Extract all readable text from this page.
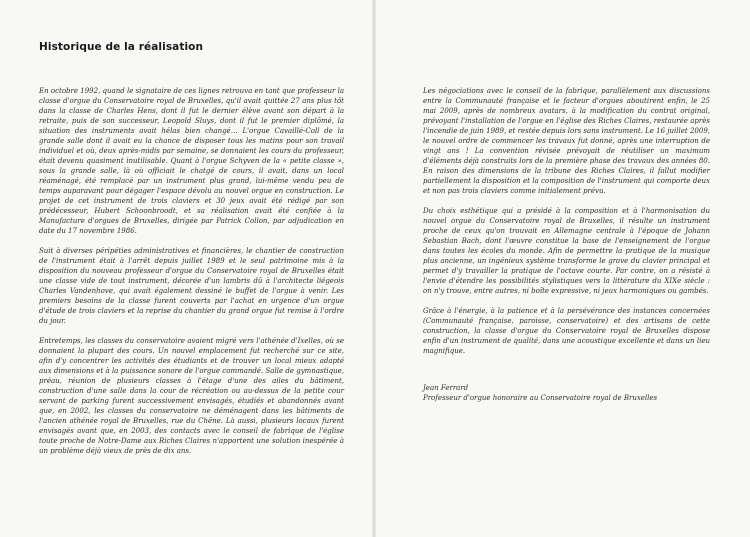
Historique de la réalisation

En octobre 1992, quand le signataire de ces lignes retrouva en tant que professeur la classe d'orgue du Conservatoire royal de Bruxelles, qu'il avait quittée 27 ans plus tôt dans la classe de Charles Hens, dont il fut le dernier élève avant son départ à la retraite, puis de son successeur, Leopold Sluys, dont il fut le premier diplômé, la situation des instruments avait hélas bien changé… L'orgue Cavaillé-Coll de la grande salle dont il avait eu la chance de disposer tous les matins pour son travail individuel et où, deux après-midis par semaine, se donnaient les cours du professeur, était devenu quasiment inutilisable. Quant à l'orgue Schyven de la « petite classe », sous la grande salle, là où officiait le chatgé de cours, il avait, dans un local réaménagé, été remplacé par un instrument plus grand, lui-même vendu peu de temps auparavant pour dégager l'espace dévolu au nouvel orgue en construction. Le projet de cet instrument de trois claviers et 30 jeux avait été rédigé par son prédécesseur, Hubert Schoonbroodt, et sa réalisation avait été confiée à la Manufacture d'orgues de Bruxelles, dirigée par Patrick Collon, par adjudication en date du 17 novembre 1986.

Suit à diverses péripéties administratives et financières, le chantier de construction de l'instrument était à l'arrêt depuis juillet 1989 et le seul patrimoine mis à la disposition du nouveau professeur d'orgue du Conservatoire royal de Bruxelles était une classe vide de tout instrument, décorée d'un lambris dû à l'architecte liégeois Charles Vandenhove, qui avait également dessiné le buffet de l'orgue à venir. Les premiers besoins de la classe furent couverts par l'achat en urgence d'un orgue d'étude de trois claviers et la reprise du chantier du grand orgue fut remise à l'ordre du jour.

Entretemps, les classes du conservatoire avaient migré vers l'athénée d'Ixelles, où se donnaient la plupart des cours. Un nouvel emplacement fut recherché sur ce site, afin d'y concentrer les activités des étudiants et de trouver un local mieux adapté aux dimensions et à la puissance sonore de l'orgue commandé. Salle de gymnastique, préau, réunion de plusieurs classes à l'étage d'une des ailes du bâtiment, construction d'une salle dans la cour de récréation ou au-dessus de la petite cour servant de parking furent successivement envisagés, étudiés et abandonnés avant que, en 2002, les classes du conservatoire ne déménagent dans les bâtiments de l'ancien athénée royal de Bruxelles, rue du Chêne. Là aussi, plusieurs locaux furent envisagés avant que, en 2003, des contacts avec le conseil de fabrique de l'église toute proche de Notre-Dame aux Riches Claires n'apportent une solution inespérée à un problème déjà vieux de près de dix ans.

Les négociations avec le conseil de la fabrique, parallèlement aux discussions entre la Communauté française et le facteur d'orgues aboutirent enfin, le 25 mai 2009, après de nombreux avatars, à la modification du contrat original, prévoyant l'installation de l'orgue en l'église des Riches Claires, restaurée après l'incendie de juin 1989, et restée depuis lors sans instrument. Le 16 juillet 2009, le nouvel ordre de commencer les travaux fut donné, après une interruption de vingt ans ! La convention révisée prévoyait de réutiliser un maximum d'éléments déjà construits lors de la première phase des travaux des années 80. En raison des dimensions de la tribune des Riches Claires, il fallut modifier partiellement la disposition et la composition de l'instrument qui comporte deux et non pas trois claviers comme initialement prévu.

Du choix esthétique qui a présidé à la composition et à l'harmonisation du nouvel orgue du Conservatoire royal de Bruxelles, il résulte un instrument proche de ceux qu'on trouvait en Allemagne centrale à l'époque de Johann Sebastian Bach, dont l'œuvre constitue la base de l'enseignement de l'orgue dans toutes les écoles du monde. Afin de permettre la pratique de la musique plus ancienne, un ingénieux système transforme le grave du clavier principal et permet d'y travailler la pratique de l'octave courte. Par contre, on a résisté à l'envie d'étendre les possibilités stylistiques vers la littérature du XIXe siècle : on n'y trouve, entre autres, ni boîte expressive, ni jeux harmoniques ou gambés.

Grâce à l'énergie, à la patience et à la persévérance des instances concernées (Communauté française, paroisse, conservatoire) et des artisans de cette construction, la classe d'orgue du Conservatoire royal de Bruxelles dispose enfin d'un instrument de qualité, dans une acoustique excellente et dans un lieu magnifique.

Jean Ferrard
Professeur d'orgue honoraire au Conservatoire royal de Bruxelles
